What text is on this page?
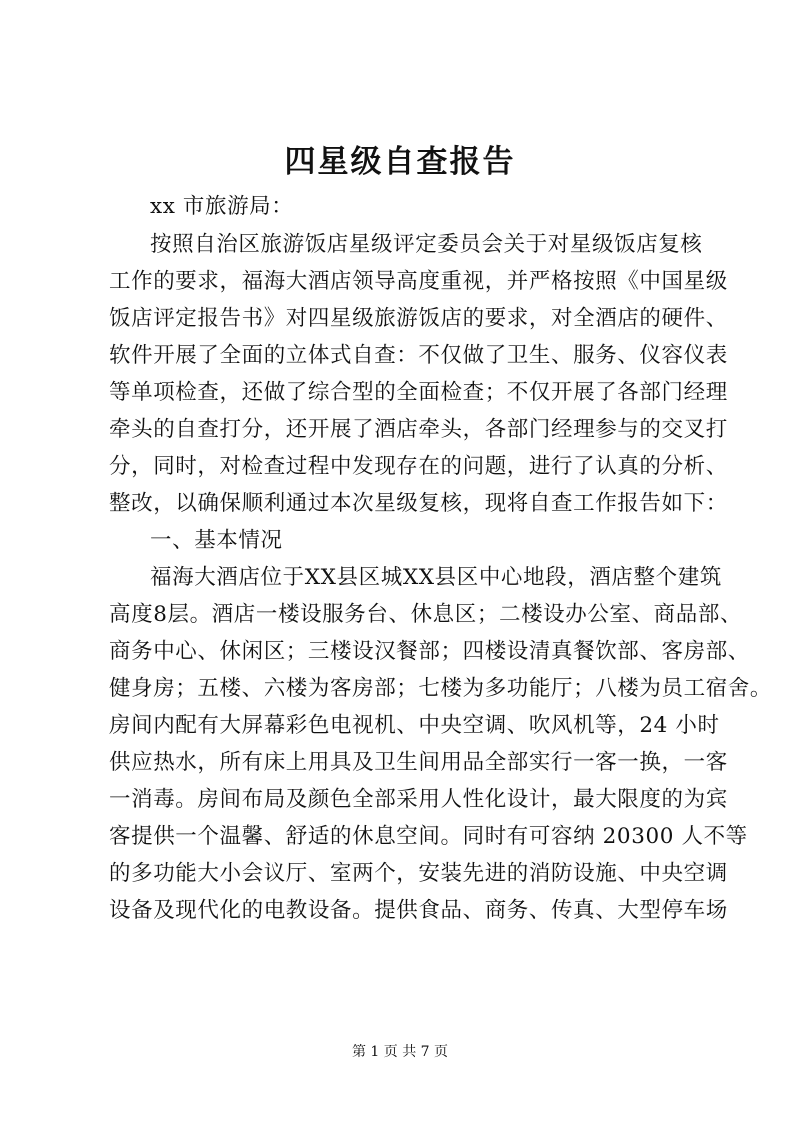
四星级自查报告
xx 市旅游局：
按照自治区旅游饭店星级评定委员会关于对星级饭店复核
工作的要求，福海大酒店领导高度重视，并严格按照《中国星级
饭店评定报告书》对四星级旅游饭店的要求，对全酒店的硬件、
软件开展了全面的立体式自查：不仅做了卫生、服务、仪容仪表
等单项检查，还做了综合型的全面检查；不仅开展了各部门经理
牵头的自查打分，还开展了酒店牵头，各部门经理参与的交叉打
分，同时，对检查过程中发现存在的问题，进行了认真的分析、
整改，以确保顺利通过本次星级复核，现将自查工作报告如下：
一、基本情况
福海大酒店位于XX县区城XX县区中心地段，酒店整个建筑
高度8层。酒店一楼设服务台、休息区；二楼设办公室、商品部、
商务中心、休闲区；三楼设汉餐部；四楼设清真餐饮部、客房部、
健身房；五楼、六楼为客房部；七楼为多功能厅；八楼为员工宿舍。
房间内配有大屏幕彩色电视机、中央空调、吹风机等，24 小时
供应热水，所有床上用具及卫生间用品全部实行一客一换，一客
一消毒。房间布局及颜色全部采用人性化设计，最大限度的为宾
客提供一个温馨、舒适的休息空间。同时有可容纳 20300 人不等
的多功能大小会议厅、室两个，安装先进的消防设施、中央空调
设备及现代化的电教设备。提供食品、商务、传真、大型停车场
第 1 页 共 7 页
